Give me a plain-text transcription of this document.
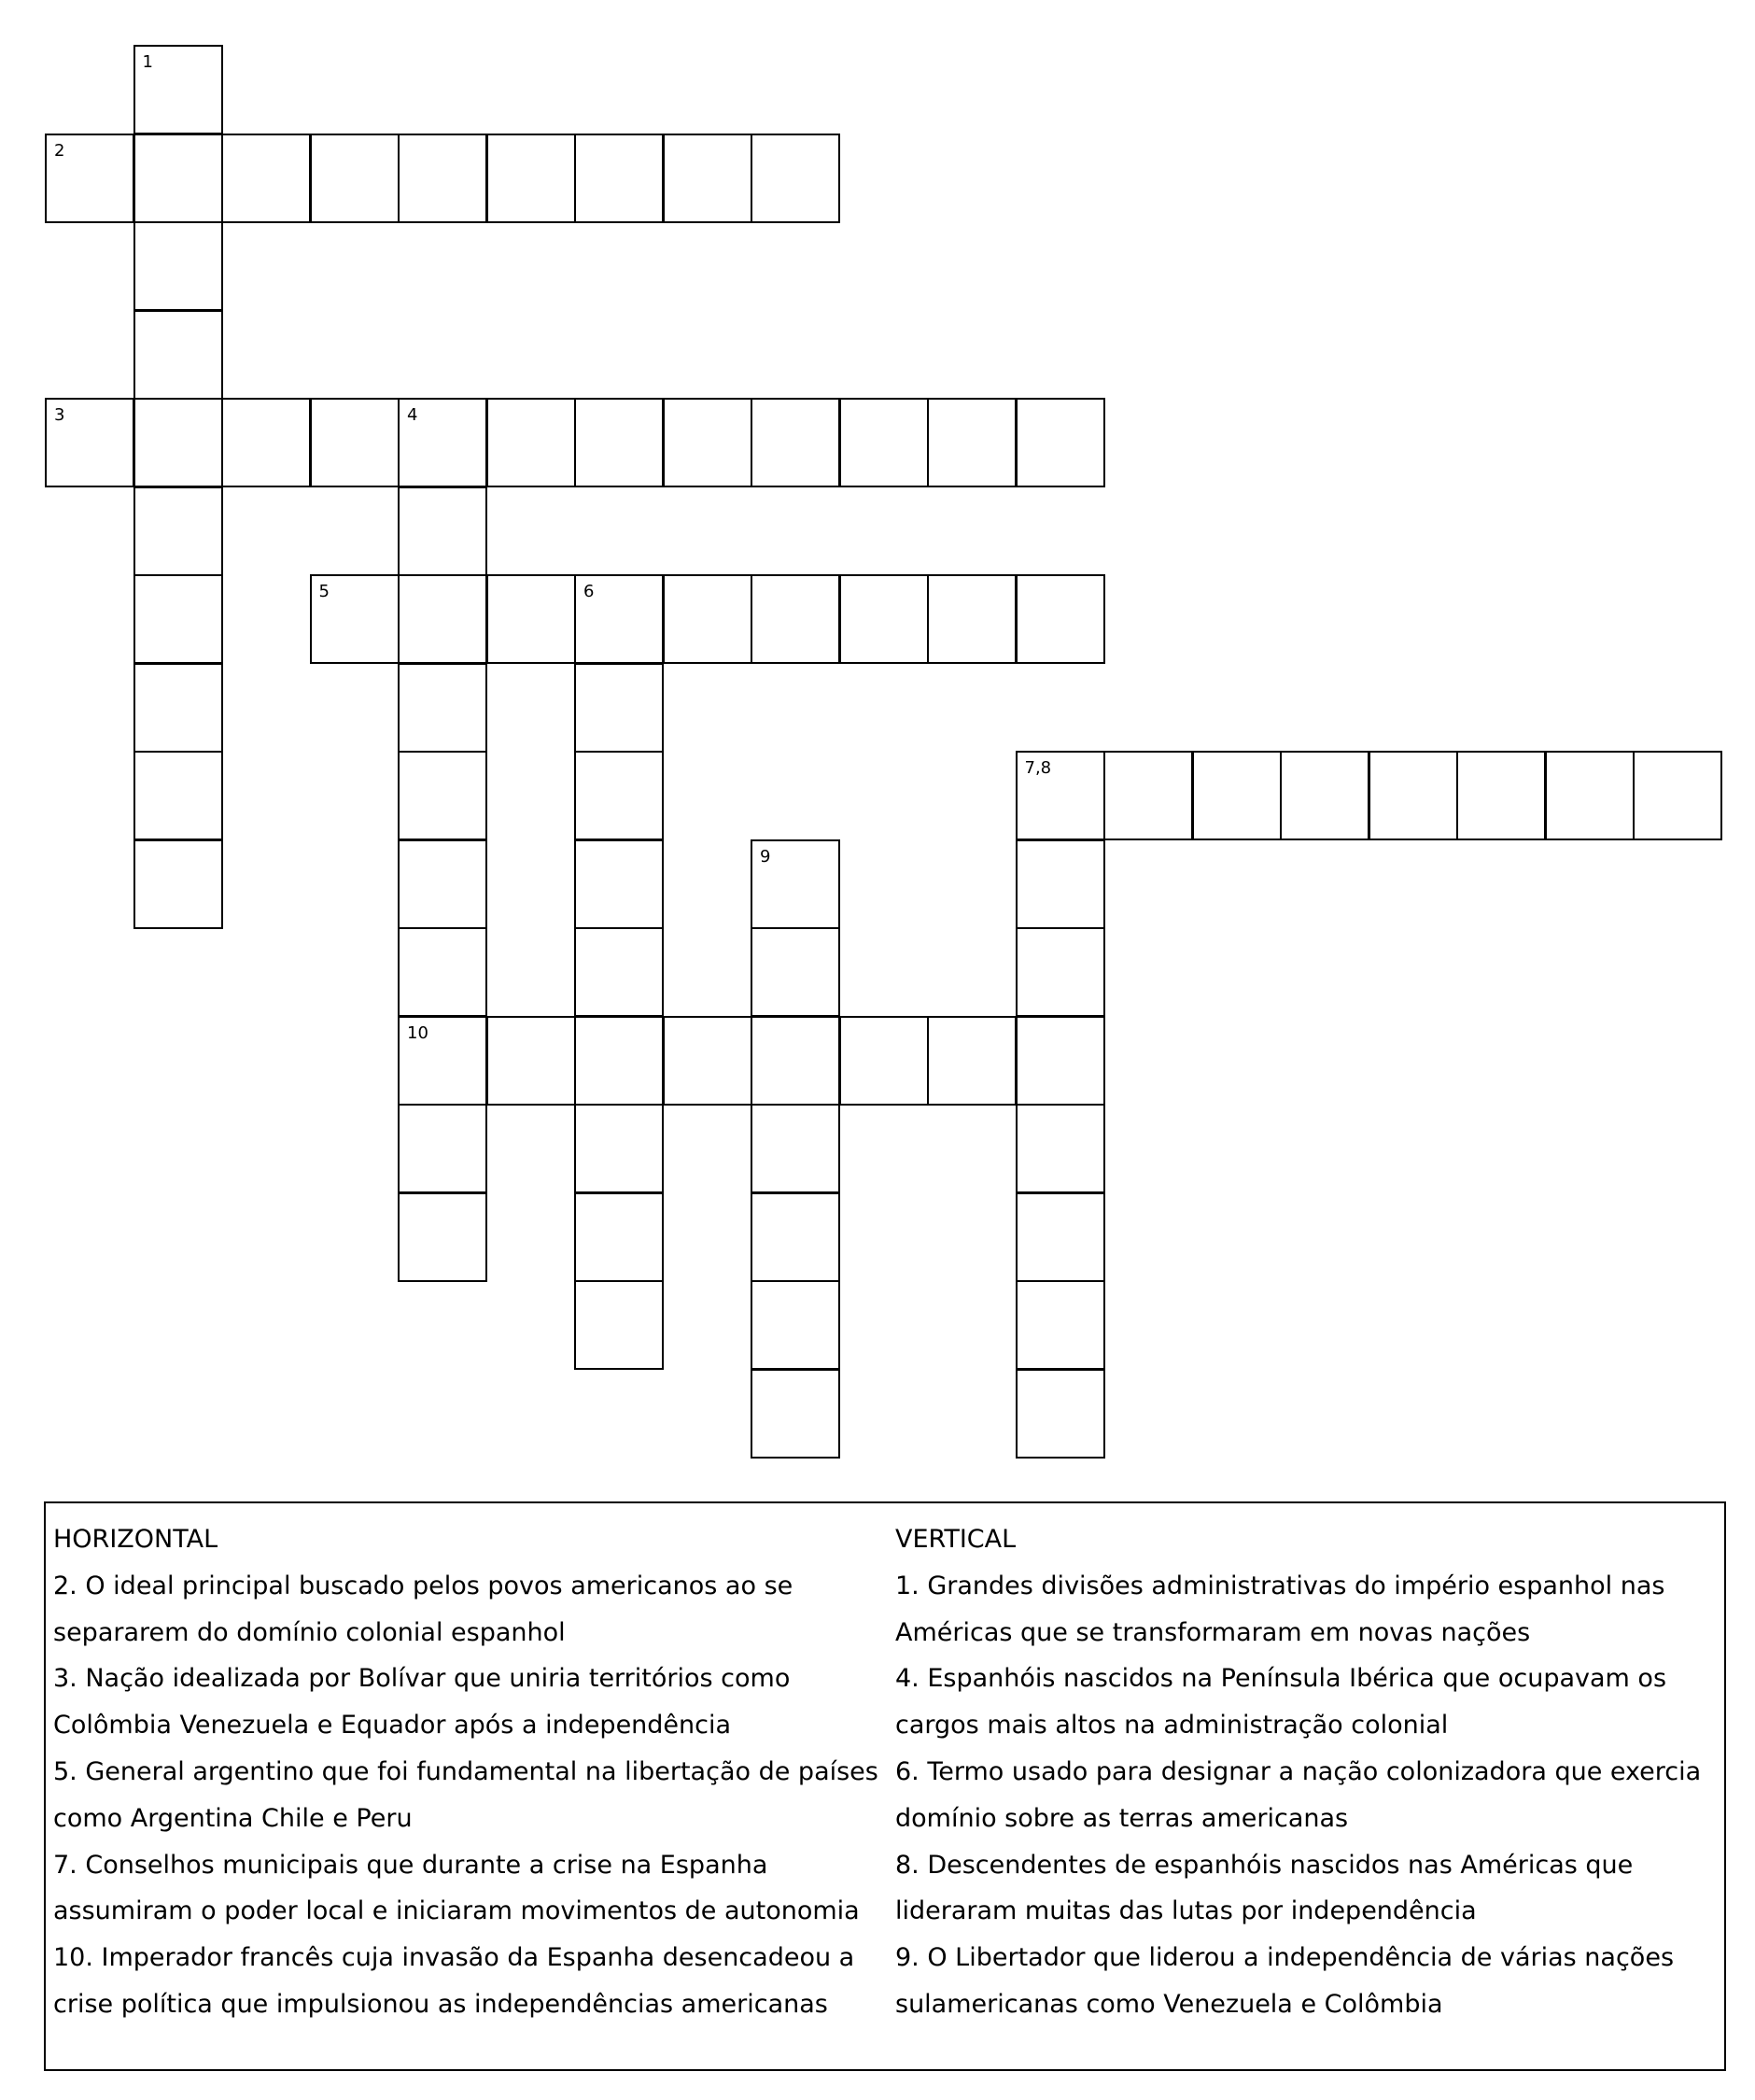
1
2
3	4
10
5	6
7,8
9
HORIZONTAL
2. O ideal principal buscado pelos povos americanos ao se
separarem do domínio colonial espanhol
3. Nação idealizada por Bolívar que uniria territórios como
Colômbia Venezuela e Equador após a independência
5. General argentino que foi fundamental na libertação de países
como Argentina Chile e Peru
7. Conselhos municipais que durante a crise na Espanha
assumiram o poder local e iniciaram movimentos de autonomia
10. Imperador francês cuja invasão da Espanha desencadeou a
crise política que impulsionou as independências americanas
VERTICAL
1. Grandes divisões administrativas do império espanhol nas
Américas que se transformaram em novas nações
4. Espanhóis nascidos na Península Ibérica que ocupavam os
cargos mais altos na administração colonial
6. Termo usado para designar a nação colonizadora que exercia
domínio sobre as terras americanas
8. Descendentes de espanhóis nascidos nas Américas que
lideraram muitas das lutas por independência
9. O Libertador que liderou a independência de várias nações
sulamericanas como Venezuela e Colômbia
